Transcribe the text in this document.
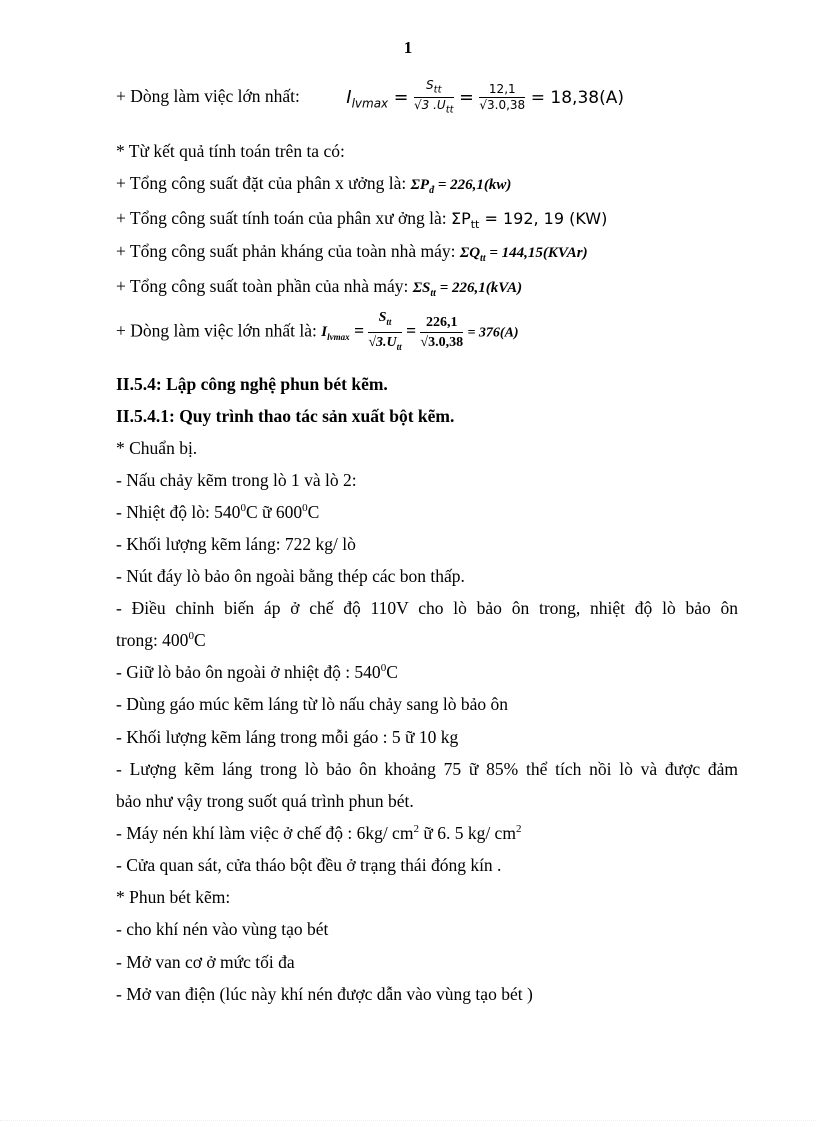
1
+ Dòng làm việc lớn nhất:	$I_{lvmax} = \frac{S_{tt}}{√3 .U_{tt}} = \frac{12,1}{√3.0,38} = 18,38(A)$
* Từ kết quả tính toán trên ta có:
+ Tổng công suất đặt của phân x ưởng là: $\Sigma P_đ = 226,1(kw)$
+ Tổng công suất tính toán của phân xư ởng là: $\Sigma P_{tt} = 192$, 19 (KW)
+ Tổng công suất phản kháng của toàn nhà máy: $\Sigma Q_{tt}$ = 144,15(KVAr)
+ Tổng công suất toàn phần của nhà máy: $\Sigma S_{tt} = 226,1(kVA)$
+ Dòng làm việc lớn nhất là: $I_{lvmax} = \frac{S_{tt}}{√3.U_{tt}} = \frac{226,1}{√3.0,38} = 376(A)$
II.5.4: Lập công nghệ phun bét kẽm.
II.5.4.1: Quy trình thao tác sản xuất bột kẽm.
* Chuẩn bị.
- Nấu chảy kẽm trong lò 1 và lò 2:
- Nhiệt độ lò: $540^0C$ ữ $600^0C$
- Khối lượng kẽm láng: 722 kg/ lò
- Nút đáy lò bảo ôn ngoài bằng thép các bon thấp.
- Điều chỉnh biến áp ở chế độ 110V cho lò bảo ôn trong, nhiệt độ lò bảo ôn
trong: $400^0C$
- Giữ lò bảo ôn ngoài ở nhiệt độ : $540^0C$
- Dùng gáo múc kẽm láng từ lò nấu chảy sang lò bảo ôn
- Khối lượng kẽm láng trong mỗi gáo : 5 ữ 10 kg
- Lượng kẽm láng trong lò bảo ôn khoảng 75 ữ 85% thể tích nồi lò và được đảm
bảo như vậy trong suốt quá trình phun bét.
- Máy nén khí làm việc ở chế độ : 6kg/ $cm^2$ ữ 6. 5 kg/ $cm^2$
- Cửa quan sát, cửa tháo bột đều ở trạng thái đóng kín .
* Phun bét kẽm:
- cho khí nén vào vùng tạo bét
- Mở van cơ ở mức tối đa
- Mở van điện (lúc này khí nén được dẫn vào vùng tạo bét )
